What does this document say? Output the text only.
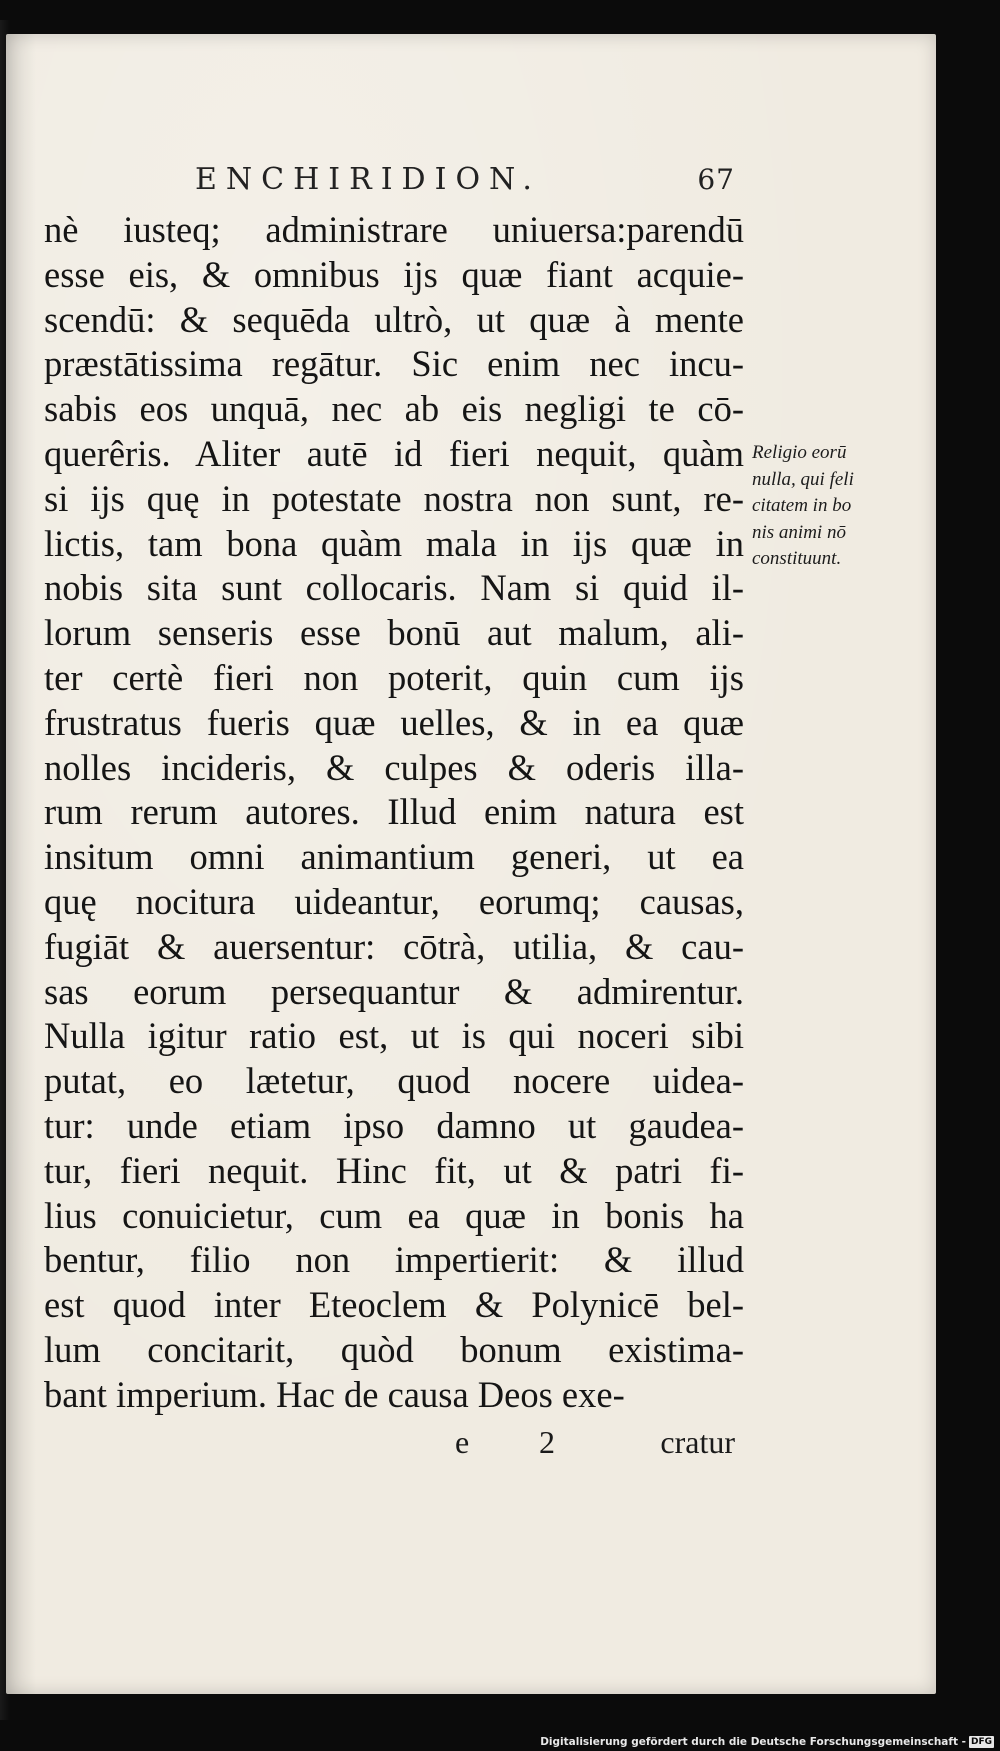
ENCHIRIDION.	67
nè iusteq; administrare uniuersa:parendū
esse eis, & omnibus ijs quæ fiant acquie-
scendū: & sequēda ultrò, ut quæ à mente
præstātissima regātur. Sic enim nec incu-
sabis eos unquā, nec ab eis negligi te cō-
querêris. Aliter autē id fieri nequit, quàm
si ijs quę in potestate nostra non sunt, re-
lictis, tam bona quàm mala in ijs quæ in
nobis sita sunt collocaris. Nam si quid il-
lorum senseris esse bonū aut malum, ali-
ter certè fieri non poterit, quin cum ijs
frustratus fueris quæ uelles, & in ea quæ
nolles incideris, & culpes & oderis illa-
rum rerum autores. Illud enim natura est
insitum omni animantium generi, ut ea
quę nocitura uideantur, eorumq; causas,
fugiāt & auersentur: cōtrà, utilia, & cau-
sas eorum persequantur & admirentur.
Nulla igitur ratio est, ut is qui noceri sibi
putat, eo lætetur, quod nocere uidea-
tur: unde etiam ipso damno ut gaudea-
tur, fieri nequit. Hinc fit, ut & patri fi-
lius conuicietur, cum ea quæ in bonis ha
bentur, filio non impertierit: & illud
est quod inter Eteoclem & Polynicē bel-
lum concitarit, quòd bonum existima-
bant imperium. Hac de causa Deos exe-
e 2	cratur
Religio eorū
nulla, qui feli
citatem in bo
nis animi nō
constituunt.
Digitalisierung gefördert durch die Deutsche Forschungsgemeinschaft - DFG
